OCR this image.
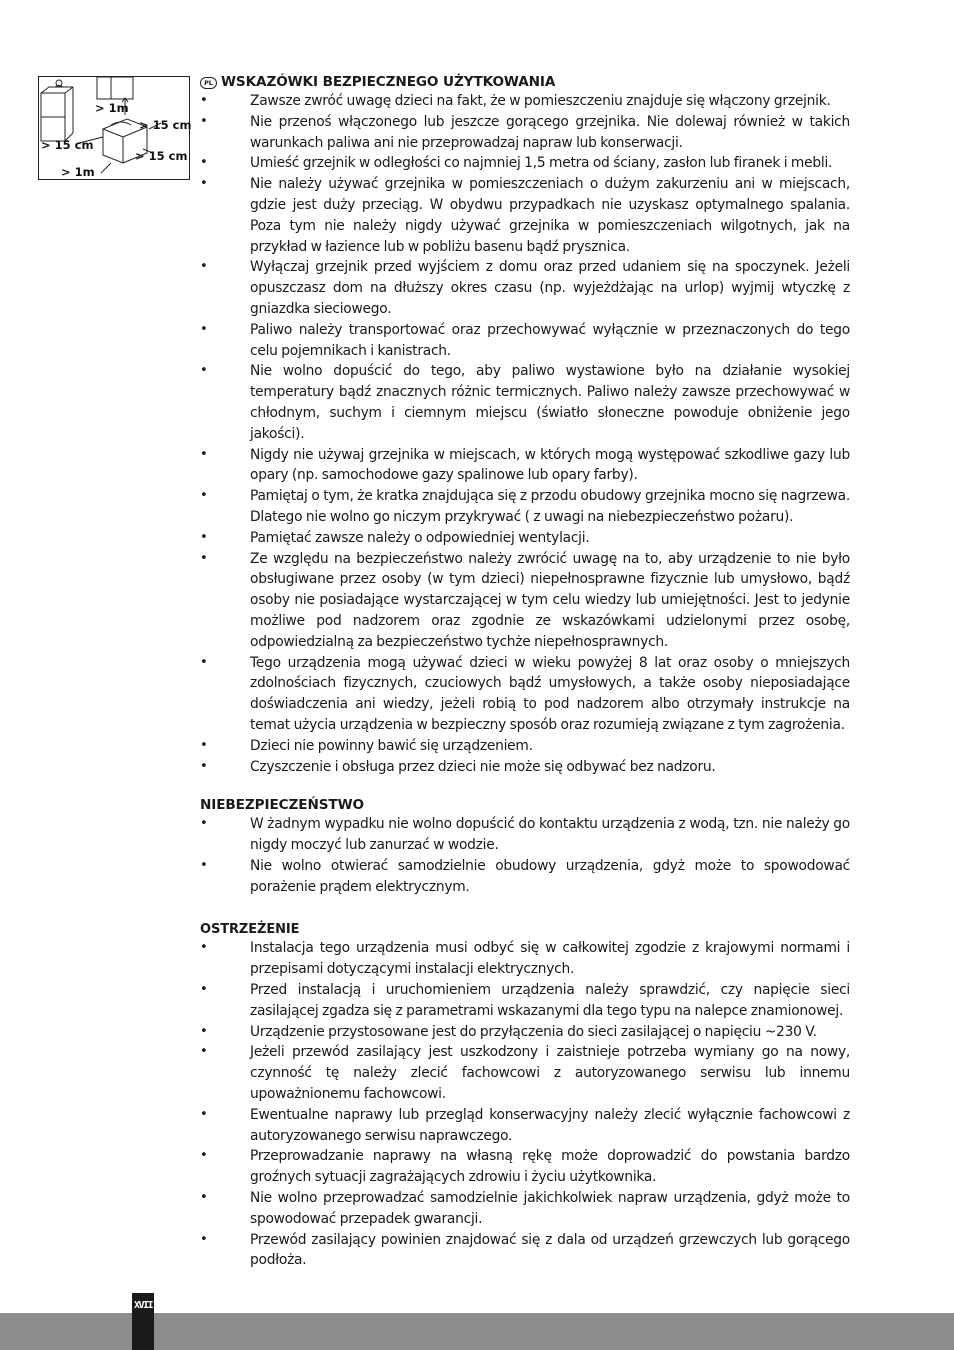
> 1m
> 15 cm
> 15 cm
> 15 cm
> 1m
PL WSKAZÓWKI BEZPIECZNEGO UŻYTKOWANIA
•	Zawsze zwróć uwagę dzieci na fakt, że w pomieszczeniu znajduje się włączony grzejnik.
•	Nie przenoś włączonego lub jeszcze gorącego grzejnika. Nie dolewaj również w takich warunkach paliwa ani nie przeprowadzaj napraw lub konserwacji.
•	Umieść grzejnik w odległości co najmniej 1,5 metra od ściany, zasłon lub firanek i mebli.
•	Nie należy używać grzejnika w pomieszczeniach o dużym zakurzeniu ani w miejscach, gdzie jest duży przeciąg. W obydwu przypadkach nie uzyskasz optymalnego spalania. Poza tym nie należy nigdy używać grzejnika w pomieszczeniach wilgotnych, jak na przykład w łazience lub w pobliżu basenu bądź prysznica.
•	Wyłączaj grzejnik przed wyjściem z domu oraz przed udaniem się na spoczynek. Jeżeli opuszczasz dom na dłuższy okres czasu (np. wyjeżdżając na urlop) wyjmij wtyczkę z gniazdka sieciowego.
•	Paliwo należy transportować oraz przechowywać wyłącznie w przeznaczonych do tego celu pojemnikach i kanistrach.
•	Nie wolno dopuścić do tego, aby paliwo wystawione było na działanie wysokiej temperatury bądź znacznych różnic termicznych. Paliwo należy zawsze przechowywać w chłodnym, suchym i ciemnym miejscu (światło słoneczne powoduje obniżenie jego jakości).
•	Nigdy nie używaj grzejnika w miejscach, w których mogą występować szkodliwe gazy lub opary (np. samochodowe gazy spalinowe lub opary farby).
•	Pamiętaj o tym, że kratka znajdująca się z przodu obudowy grzejnika mocno się nagrzewa. Dlatego nie wolno go niczym przykrywać ( z uwagi na niebezpieczeństwo pożaru).
•	Pamiętać zawsze należy o odpowiedniej wentylacji.
•	Ze względu na bezpieczeństwo należy zwrócić uwagę na to, aby urządzenie to nie było obsługiwane przez osoby (w tym dzieci) niepełnosprawne fizycznie lub umysłowo, bądź osoby nie posiadające wystarczającej w tym celu wiedzy lub umiejętności. Jest to jedynie możliwe pod nadzorem oraz zgodnie ze wskazówkami udzielonymi przez osobę, odpowiedzialną za bezpieczeństwo tychże niepełnosprawnych.
•	Tego urządzenia mogą używać dzieci w wieku powyżej 8 lat oraz osoby o mniejszych zdolnościach fizycznych, czuciowych bądź umysłowych, a także osoby nieposiadające doświadczenia ani wiedzy, jeżeli robią to pod nadzorem albo otrzymały instrukcje na temat użycia urządzenia w bezpieczny sposób oraz rozumieją związane z tym zagrożenia.
•	Dzieci nie powinny bawić się urządzeniem.
•	Czyszczenie i obsługa przez dzieci nie może się odbywać bez nadzoru.
NIEBEZPIECZEŃSTWO
•	W żadnym wypadku nie wolno dopuścić do kontaktu urządzenia z wodą, tzn. nie należy go nigdy moczyć lub zanurzać w wodzie.
•	Nie wolno otwierać samodzielnie obudowy urządzenia, gdyż może to spowodować porażenie prądem elektrycznym.
OSTRZEŻENIE
•	Instalacja tego urządzenia musi odbyć się w całkowitej zgodzie z krajowymi normami i przepisami dotyczącymi instalacji elektrycznych.
•	Przed instalacją i uruchomieniem urządzenia należy sprawdzić, czy napięcie sieci zasilającej zgadza się z parametrami wskazanymi dla tego typu na nalepce znamionowej.
•	Urządzenie przystosowane jest do przyłączenia do sieci zasilającej o napięciu ~230 V.
•	Jeżeli przewód zasilający jest uszkodzony i zaistnieje potrzeba wymiany go na nowy, czynność tę należy zlecić fachowcowi z autoryzowanego serwisu lub innemu upoważnionemu fachowcowi.
•	Ewentualne naprawy lub przegląd konserwacyjny należy zlecić wyłącznie fachowcowi z autoryzowanego serwisu naprawczego.
•	Przeprowadzanie naprawy na własną rękę może doprowadzić do powstania bardzo groźnych sytuacji zagrażających zdrowiu i życiu użytkownika.
•	Nie wolno przeprowadzać samodzielnie jakichkolwiek napraw urządzenia, gdyż może to spowodować przepadek gwarancji.
•	Przewód zasilający powinien znajdować się z dala od urządzeń grzewczych lub gorącego podłoża.
XVII
